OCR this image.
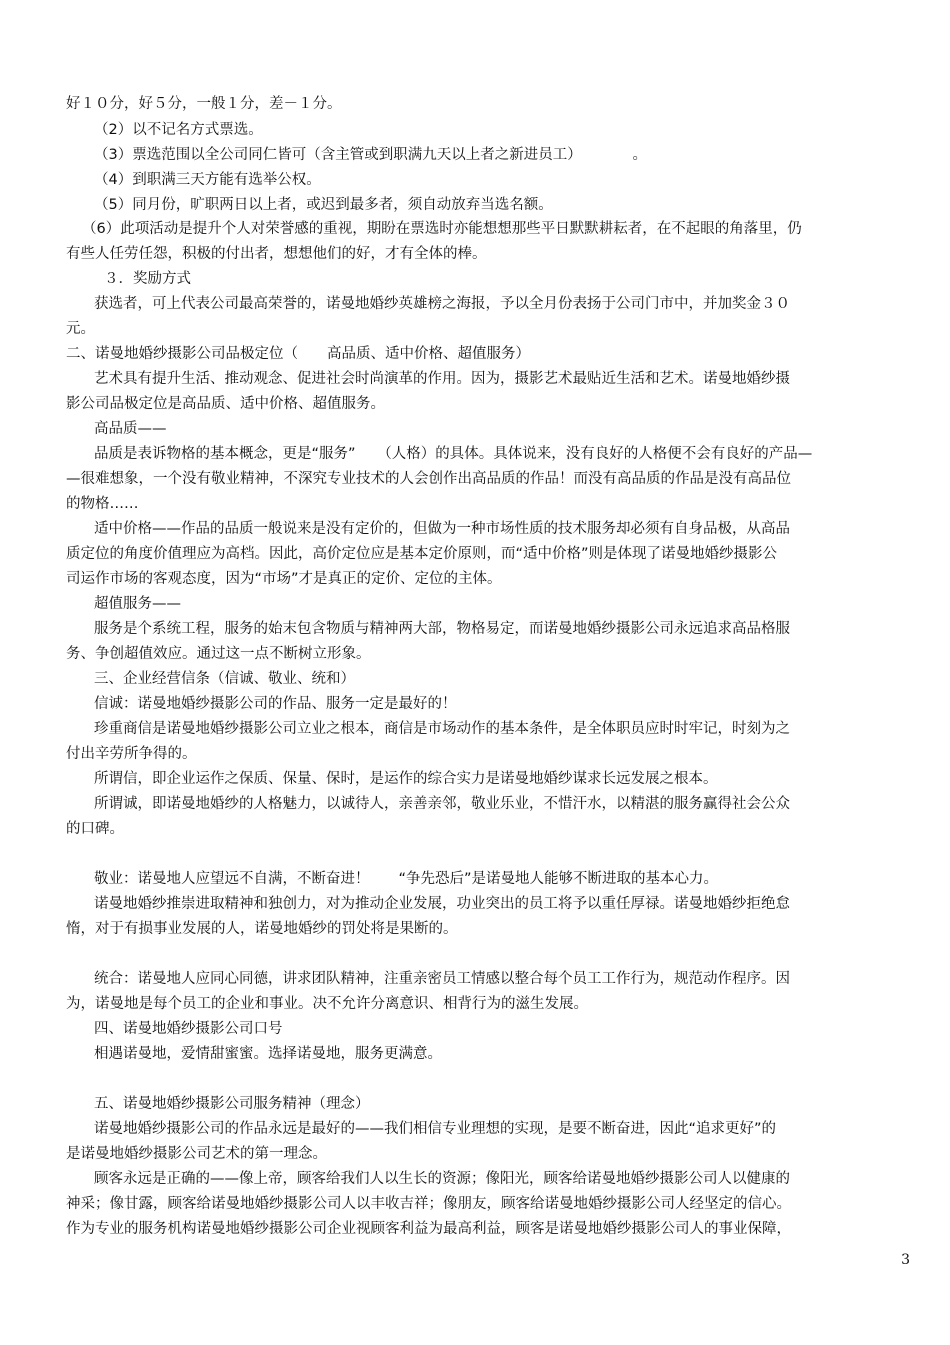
好１０分，好５分，一般１分，差－１分。
（2）以不记名方式票选。
（3）票选范围以全公司同仁皆可（含主管或到职满九天以上者之新进员工）　　　　。
（4）到职满三天方能有选举公权。
（5）同月份，旷职两日以上者，或迟到最多者，须自动放弃当选名额。
（6）此项活动是提升个人对荣誉感的重视，期盼在票选时亦能想想那些平日默默耕耘者，在不起眼的角落里，仍
有些人任劳任怨，积极的付出者，想想他们的好，才有全体的棒。
３．奖励方式
获选者，可上代表公司最高荣誉的，诺曼地婚纱英雄榜之海报，予以全月份表扬于公司门市中，并加奖金３０
元。
二、诺曼地婚纱摄影公司品极定位（　　高品质、适中价格、超值服务）
艺术具有提升生活、推动观念、促进社会时尚演革的作用。因为，摄影艺术最贴近生活和艺术。诺曼地婚纱摄
影公司品极定位是高品质、适中价格、超值服务。
高品质——
品质是表诉物格的基本概念，更是“服务”　　（人格）的具体。具体说来，没有良好的人格便不会有良好的产品—
—很难想象，一个没有敬业精神，不深究专业技术的人会创作出高品质的作品！而没有高品质的作品是没有高品位
的物格……
适中价格——作品的品质一般说来是没有定价的，但做为一种市场性质的技术服务却必须有自身品极，从高品
质定位的角度价值理应为高档。因此，高价定位应是基本定价原则，而“适中价格”则是体现了诺曼地婚纱摄影公
司运作市场的客观态度，因为“市场”才是真正的定价、定位的主体。
超值服务——
服务是个系统工程，服务的始末包含物质与精神两大部，物格易定，而诺曼地婚纱摄影公司永远追求高品格服
务、争创超值效应。通过这一点不断树立形象。
三、企业经营信条（信诚、敬业、统和）
信诚：诺曼地婚纱摄影公司的作品、服务一定是最好的！
珍重商信是诺曼地婚纱摄影公司立业之根本，商信是市场动作的基本条件，是全体职员应时时牢记，时刻为之
付出辛劳所争得的。
所谓信，即企业运作之保质、保量、保时，是运作的综合实力是诺曼地婚纱谋求长远发展之根本。
所谓诚，即诺曼地婚纱的人格魅力，以诚待人，亲善亲邻，敬业乐业，不惜汗水，以精湛的服务赢得社会公众
的口碑。
敬业：诺曼地人应望远不自满，不断奋进！　　“争先恐后”是诺曼地人能够不断进取的基本心力。
诺曼地婚纱推崇进取精神和独创力，对为推动企业发展，功业突出的员工将予以重任厚禄。诺曼地婚纱拒绝怠
惰，对于有损事业发展的人，诺曼地婚纱的罚处将是果断的。
统合：诺曼地人应同心同德，讲求团队精神，注重亲密员工情感以整合每个员工工作行为，规范动作程序。因
为，诺曼地是每个员工的企业和事业。决不允许分离意识、相背行为的滋生发展。
四、诺曼地婚纱摄影公司口号
相遇诺曼地，爱情甜蜜蜜。选择诺曼地，服务更满意。
五、诺曼地婚纱摄影公司服务精神（理念）
诺曼地婚纱摄影公司的作品永远是最好的——我们相信专业理想的实现，是要不断奋进，因此“追求更好”的
是诺曼地婚纱摄影公司艺术的第一理念。
顾客永远是正确的——像上帝，顾客给我们人以生长的资源；像阳光，顾客给诺曼地婚纱摄影公司人以健康的
神采；像甘露，顾客给诺曼地婚纱摄影公司人以丰收吉祥；像朋友，顾客给诺曼地婚纱摄影公司人经坚定的信心。
作为专业的服务机构诺曼地婚纱摄影公司企业视顾客利益为最高利益，顾客是诺曼地婚纱摄影公司人的事业保障，
3
